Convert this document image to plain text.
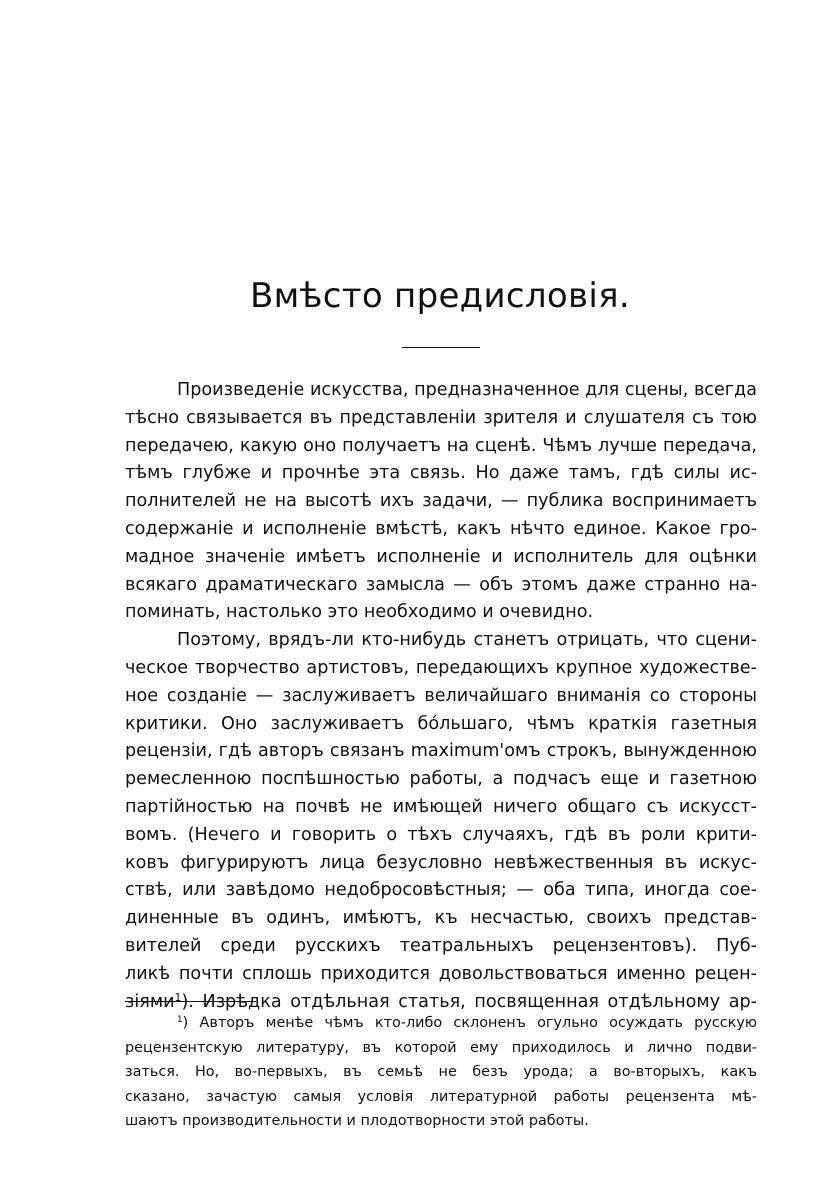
Вмѣсто предисловія.
Произведеніе искусства, предназначенное для сцены, всегда
тѣсно связывается въ представленіи зрителя и слушателя съ тою
передачею, какую оно получаетъ на сценѣ. Чѣмъ лучше передача,
тѣмъ глубже и прочнѣе эта связь. Но даже тамъ, гдѣ силы ис-
полнителей не на высотѣ ихъ задачи, — публика воспринимаетъ
содержаніе и исполненіе вмѣстѣ, какъ нѣчто единое. Какое гро-
мадное значеніе имѣетъ исполненіе и исполнитель для оцѣнки
всякаго драматическаго замысла — объ этомъ даже странно на-
поминать, настолько это необходимо и очевидно.
Поэтому, врядъ-ли кто-нибудь станетъ отрицать, что сцени-
ческое творчество артистовъ, передающихъ крупное художестве-
ное созданіе — заслуживаетъ величайшаго вниманія со стороны
критики. Оно заслуживаетъ бо́льшаго, чѣмъ краткія газетныя
рецензіи, гдѣ авторъ связанъ maximum'омъ строкъ, вынужденною
ремесленною поспѣшностью работы, а подчасъ еще и газетною
партійностью на почвѣ не имѣющей ничего общаго съ искусст-
вомъ. (Нечего и говорить о тѣхъ случаяхъ, гдѣ въ роли крити-
ковъ фигурируютъ лица безусловно невѣжественныя въ искус-
ствѣ, или завѣдомо недобросовѣстныя; — оба типа, иногда сое-
диненные въ одинъ, имѣютъ, къ несчастью, своихъ представ-
вителей среди русскихъ театральныхъ рецензентовъ). Пуб-
ликѣ почти сплошь приходится довольствоваться именно рецен-
зіями$^1$). Изрѣдка отдѣльная статья, посвященная отдѣльному ар-
$^1$) Авторъ менѣе чѣмъ кто-либо склоненъ огульно осуждать русскую
рецензентскую литературу, въ которой ему приходилось и лично подви-
заться. Но, во-первыхъ, въ семьѣ не безъ урода; а во-вторыхъ, какъ
сказано, зачастую самыя условія литературной работы рецензента мѣ-
шаютъ производительности и плодотворности этой работы.
